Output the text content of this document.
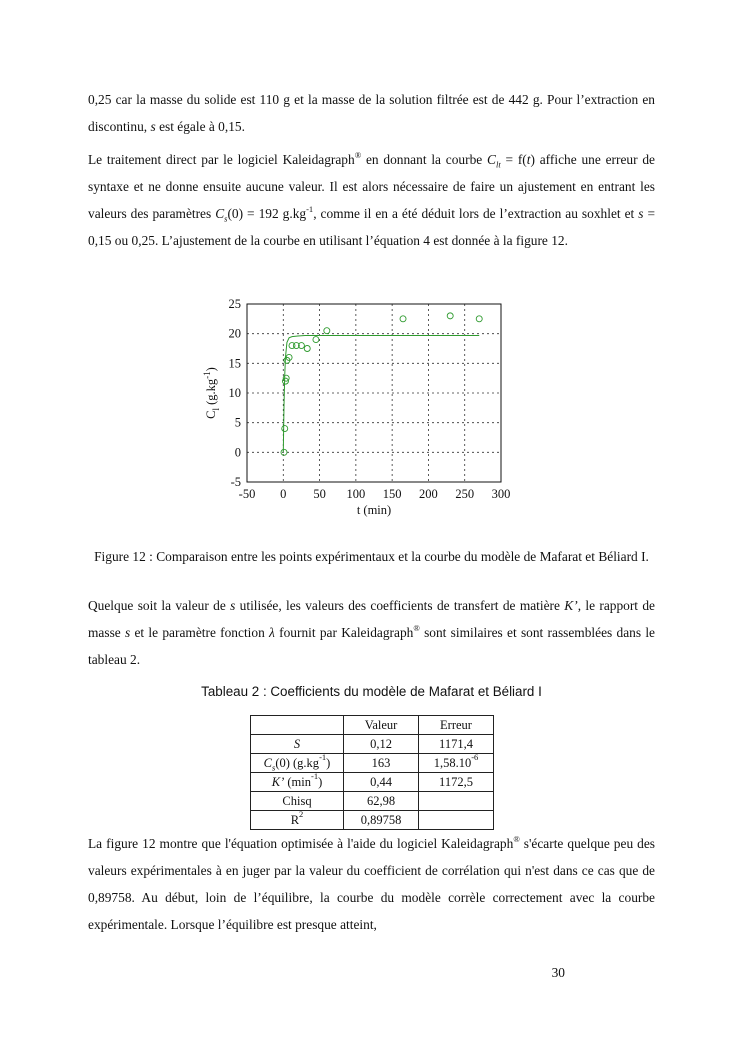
0,25 car la masse du solide est 110 g et la masse de la solution filtrée est de 442 g. Pour l’extraction en discontinu, s est égale à 0,15.

Le traitement direct par le logiciel Kaleidagraph® en donnant la courbe $C_{lt} = f(t)$ affiche une erreur de syntaxe et ne donne ensuite aucune valeur. Il est alors nécessaire de faire un ajustement en entrant les valeurs des paramètres $C_s(0) = 192$ $g.kg^{-1}$, comme il en a été déduit lors de l’extraction au soxhlet et s = 0,15 ou 0,25. L’ajustement de la courbe en utilisant l’équation 4 est donnée à la figure 12.

Figure 12 : Comparaison entre les points expérimentaux et la courbe du modèle de Mafarat et Béliard I.

Quelque soit la valeur de s utilisée, les valeurs des coefficients de transfert de matière K’, le rapport de masse s et le paramètre fonction λ fournit par Kaleidagraph® sont similaires et sont rassemblées dans le tableau 2.

Tableau 2 : Coefficients du modèle de Mafarat et Béliard I
	Valeur	Erreur
S	0,12	1171,4
$C_s(0)$ $(g.kg^{-1})$	163	$1,58.10^{-6}$
K’ $(\min^{-1})$	0,44	1172,5
Chisq	62,98	
$R^2$	0,89758	

La figure 12 montre que l'équation optimisée à l'aide du logiciel Kaleidagraph® s'écarte quelque peu des valeurs expérimentales à en juger par la valeur du coefficient de corrélation qui n'est dans ce cas que de 0,89758. Au début, loin de l’équilibre, la courbe du modèle corrèle correctement avec la courbe expérimentale. Lorsque l’équilibre est presque atteint,

30
-50 0 50 100 150 200 250 300
-5
0
5
10
15
20
25
t (min)
$C_l$ $(g.kg^{-1})$
